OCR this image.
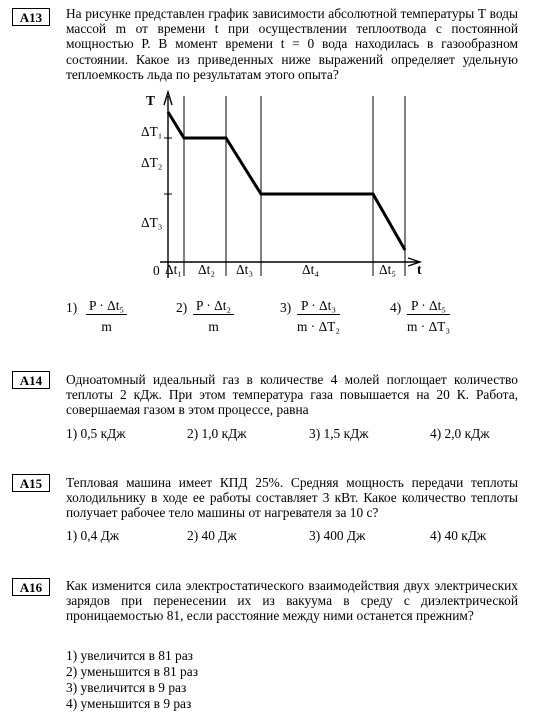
А13	На рисунке представлен график зависимости абсолютной температуры Т воды массой m от времени t при осуществлении теплоотвода с постоянной мощностью P. В момент времени t = 0 вода находилась в газообразном состоянии. Какое из приведенных ниже выражений определяет удельную теплоемкость льда по результатам этого опыта?
T
ΔT₁
ΔT₂
ΔT₃
0 Δt₁ Δt₂ Δt₃	Δt₄	Δt₅ t
$1) \frac{\text{P · Δt₅}}{m}$	$2) \frac{\text{P · Δt₂}}{m}$	$3) \frac{\text{P · Δt₃}}{\text{m · ΔT₂}}$	$4) \frac{\text{P · Δt₅}}{\text{m · ΔT₃}}$
А14	Одноатомный идеальный газ в количестве 4 молей поглощает количество теплоты 2 кДж. При этом температура газа повышается на 20 К. Работа, совершаемая газом в этом процессе, равна
1) 0,5 кДж	2) 1,0 кДж	3) 1,5 кДж	4) 2,0 кДж
А15	Тепловая машина имеет КПД 25%. Средняя мощность передачи теплоты холодильнику в ходе ее работы составляет 3 кВт. Какое количество теплоты получает рабочее тело машины от нагревателя за 10 с?
1) 0,4 Дж	2) 40 Дж	3) 400 Дж	4) 40 кДж
А16	Как изменится сила электростатического взаимодействия двух электрических зарядов при перенесении их из вакуума в среду с диэлектрической проницаемостью 81, если расстояние между ними останется прежним?
1) увеличится в 81 раз
2) уменьшится в 81 раз
3) увеличится в 9 раз
4) уменьшится в 9 раз
